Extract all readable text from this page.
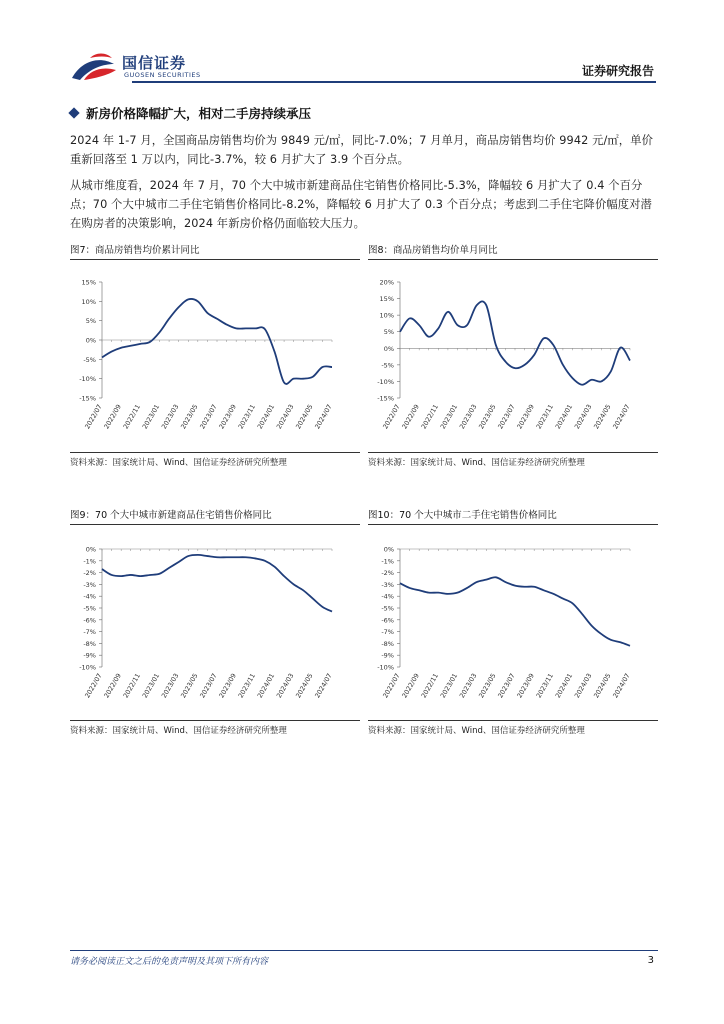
国信证券
GUOSEN SECURITIES	证券研究报告
新房价格降幅扩大，相对二手房持续承压

2024 年 1-7 月，全国商品房销售均价为 9849 元/㎡，同比-7.0%；7 月单月，商品房销售均价 9942 元/㎡，单价重新回落至 1 万以内，同比-3.7%，较 6 月扩大了 3.9 个百分点。

从城市维度看，2024 年 7 月，70 个大中城市新建商品住宅销售价格同比-5.3%，降幅较 6 月扩大了 0.4 个百分点；70 个大中城市二手住宅销售价格同比-8.2%，降幅较 6 月扩大了 0.3 个百分点；考虑到二手住宅降价幅度对潜在购房者的决策影响，2024 年新房价格仍面临较大压力。

图7：商品房销售均价累计同比
15%
10%
5%
0%
-5%
-10%
-15%
2022/07
2022/09
2022/11
2023/01
2023/03
2023/05
2023/07
2023/09
2023/11
2024/01
2024/03
2024/05
2024/07
资料来源：国家统计局、Wind、国信证券经济研究所整理
图8：商品房销售均价单月同比
20%
15%
10%
5%
0%
-5%
-10%
-15%
2022/07
2022/09
2022/11
2023/01
2023/03
2023/05
2023/07
2023/09
2023/11
2024/01
2024/03
2024/05
2024/07
资料来源：国家统计局、Wind、国信证券经济研究所整理
图9：70 个大中城市新建商品住宅销售价格同比
0%
-1%
-2%
-3%
-4%
-5%
-6%
-7%
-8%
-9%
-10%
2022/07
2022/09
2022/11
2023/01
2023/03
2023/05
2023/07
2023/09
2023/11
2024/01
2024/03
2024/05
2024/07
资料来源：国家统计局、Wind、国信证券经济研究所整理
图10：70 个大中城市二手住宅销售价格同比
0%
-1%
-2%
-3%
-4%
-5%
-6%
-7%
-8%
-9%
-10%
2022/07
2022/09
2022/11
2023/01
2023/03
2023/05
2023/07
2023/09
2023/11
2024/01
2024/03
2024/05
2024/07
资料来源：国家统计局、Wind、国信证券经济研究所整理
请务必阅读正文之后的免责声明及其项下所有内容	3
